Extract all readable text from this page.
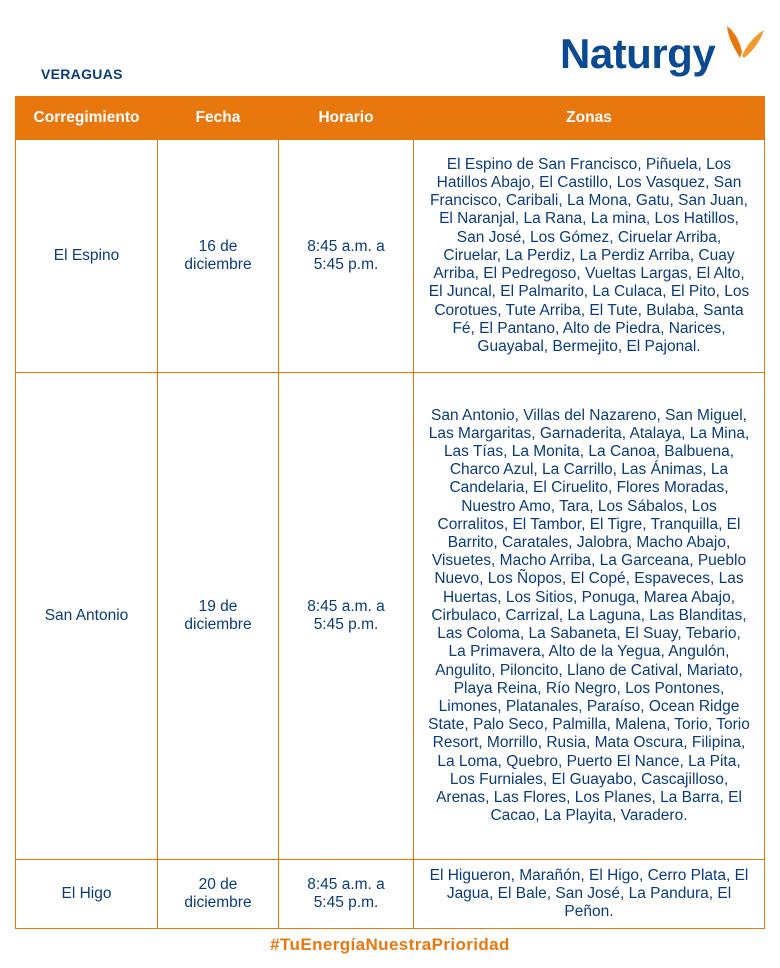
VERAGUAS	Naturgy
Corregimiento	Fecha	Horario	Zonas
El Espino	16 de diciembre	8:45 a.m. a 5:45 p.m.	El Espino de San Francisco, Piñuela, Los Hatillos Abajo, El Castillo, Los Vasquez, San Francisco, Caribali, La Mona, Gatu, San Juan, El Naranjal, La Rana, La mina, Los Hatillos, San José, Los Gómez, Ciruelar Arriba, Ciruelar, La Perdiz, La Perdiz Arriba, Cuay Arriba, El Pedregoso, Vueltas Largas, El Alto, El Juncal, El Palmarito, La Culaca, El Pito, Los Corotues, Tute Arriba, El Tute, Bulaba, Santa Fé, El Pantano, Alto de Piedra, Narices, Guayabal, Bermejito, El Pajonal.
San Antonio	19 de diciembre	8:45 a.m. a 5:45 p.m.	San Antonio, Villas del Nazareno, San Miguel, Las Margaritas, Garnaderita, Atalaya, La Mina, Las Tías, La Monita, La Canoa, Balbuena, Charco Azul, La Carrillo, Las Ánimas, La Candelaria, El Ciruelito, Flores Moradas, Nuestro Amo, Tara, Los Sábalos, Los Corralitos, El Tambor, El Tigre, Tranquilla, El Barrito, Caratales, Jalobra, Macho Abajo, Visuetes, Macho Arriba, La Garceana, Pueblo Nuevo, Los Ñopos, El Copé, Espaveces, Las Huertas, Los Sitios, Ponuga, Marea Abajo, Cirbulaco, Carrizal, La Laguna, Las Blanditas, Las Coloma, La Sabaneta, El Suay, Tebario, La Primavera, Alto de la Yegua, Angulón, Angulito, Piloncito, Llano de Catival, Mariato, Playa Reina, Río Negro, Los Pontones, Limones, Platanales, Paraíso, Ocean Ridge State, Palo Seco, Palmilla, Malena, Torio, Torio Resort, Morrillo, Rusia, Mata Oscura, Filipina, La Loma, Quebro, Puerto El Nance, La Pita, Los Furniales, El Guayabo, Cascajilloso, Arenas, Las Flores, Los Planes, La Barra, El Cacao, La Playita, Varadero.
El Higo	20 de diciembre	8:45 a.m. a 5:45 p.m.	El Higueron, Marañón, El Higo, Cerro Plata, El Jagua, El Bale, San José, La Pandura, El Peñon.
#TuEnergíaNuestraPrioridad
